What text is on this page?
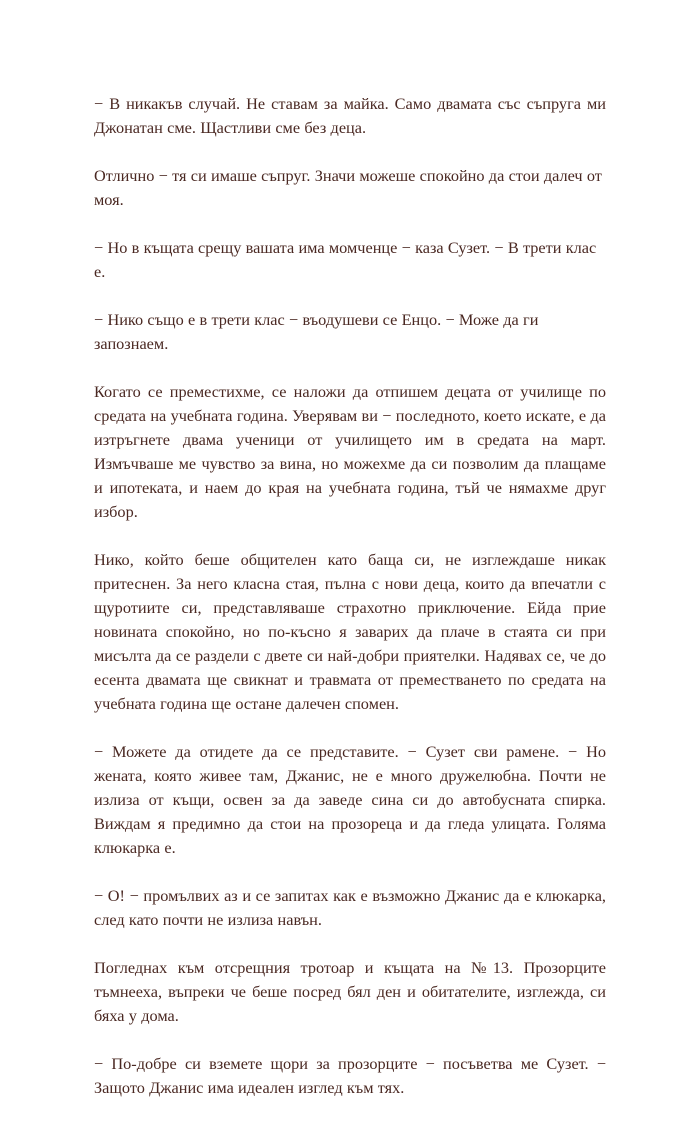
− В никакъв случай. Не ставам за майка. Само двамата със съпруга ми Джонатан сме. Щастливи сме без деца.

Отлично − тя си имаше съпруг. Значи можеше спокойно да стои далеч от моя.

− Но в къщата срещу вашата има момченце − каза Сузет. − В трети клас е.

− Нико също е в трети клас − въодушеви се Енцо. − Може да ги запознаем.

Когато се преместихме, се наложи да отпишем децата от училище по средата на учебната година. Уверявам ви − последното, което искате, е да изтръгнете двама ученици от училището им в средата на март. Измъчваше ме чувство за вина, но можехме да си позволим да плащаме и ипотеката, и наем до края на учебната година, тъй че нямахме друг избор.

Нико, който беше общителен като баща си, не изглеждаше никак притеснен. За него класна стая, пълна с нови деца, които да впечатли с щуротиите си, представляваше страхотно приключение. Ейда прие новината спокойно, но по-късно я заварих да плаче в стаята си при мисълта да се раздели с двете си най-добри приятелки. Надявах се, че до есента двамата ще свикнат и травмата от преместването по средата на учебната година ще остане далечен спомен.

− Можете да отидете да се представите. − Сузет сви рамене. − Но жената, която живее там, Джанис, не е много дружелюбна. Почти не излиза от къщи, освен за да заведе сина си до автобусната спирка. Виждам я предимно да стои на прозореца и да гледа улицата. Голяма клюкарка е.

− О! − промълвих аз и се запитах как е възможно Джанис да е клюкарка, след като почти не излиза навън.

Погледнах към отсрещния тротоар и къщата на №13. Прозорците тъмнееха, въпреки че беше посред бял ден и обитателите, изглежда, си бяха у дома.

− По-добре си вземете щори за прозорците − посъветва ме Сузет. − Защото Джанис има идеален изглед към тях.
